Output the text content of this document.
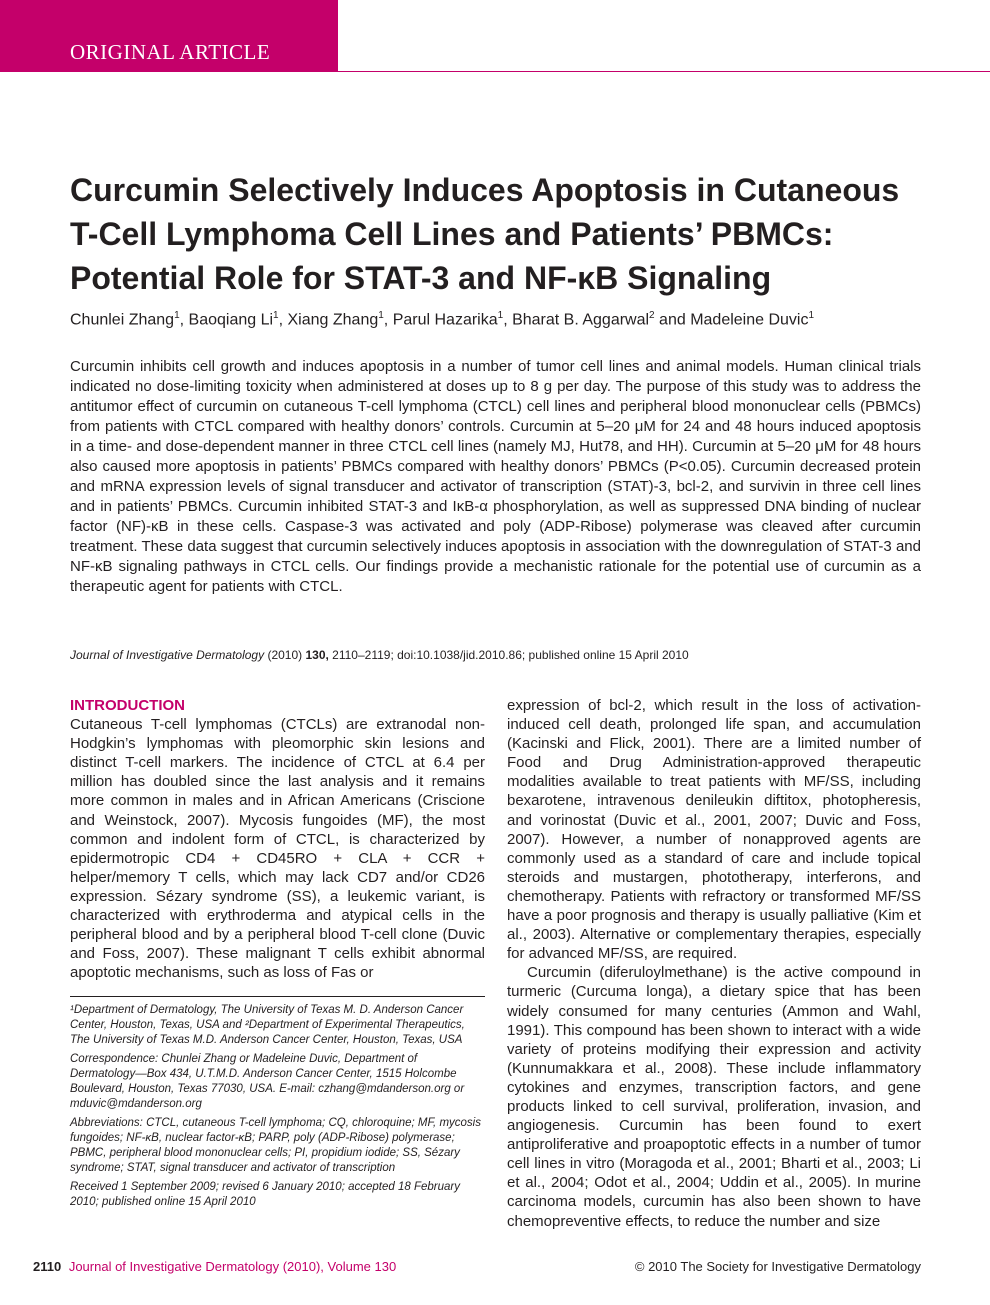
ORIGINAL ARTICLE
Curcumin Selectively Induces Apoptosis in Cutaneous
T-Cell Lymphoma Cell Lines and Patients’ PBMCs:
Potential Role for STAT-3 and NF-κB Signaling
Chunlei Zhang$^1$, Baoqiang Li$^1$, Xiang Zhang$^1$, Parul Hazarika$^1$, Bharat B. Aggarwal$^2$ and Madeleine Duvic$^1$

Curcumin inhibits cell growth and induces apoptosis in a number of tumor cell lines and animal models. Human clinical trials indicated no dose-limiting toxicity when administered at doses up to 8 g per day. The purpose of this study was to address the antitumor effect of curcumin on cutaneous T-cell lymphoma (CTCL) cell lines and peripheral blood mononuclear cells (PBMCs) from patients with CTCL compared with healthy donors’ controls. Curcumin at 5–20 μM for 24 and 48 hours induced apoptosis in a time- and dose-dependent manner in three CTCL cell lines (namely MJ, Hut78, and HH). Curcumin at 5–20 μM for 48 hours also caused more apoptosis in patients’ PBMCs compared with healthy donors’ PBMCs (P<0.05). Curcumin decreased protein and mRNA expression levels of signal transducer and activator of transcription (STAT)-3, bcl-2, and survivin in three cell lines and in patients’ PBMCs. Curcumin inhibited STAT-3 and IκB-α phosphorylation, as well as suppressed DNA binding of nuclear factor (NF)-κB in these cells. Caspase-3 was activated and poly (ADP-Ribose) polymerase was cleaved after curcumin treatment. These data suggest that curcumin selectively induces apoptosis in association with the downregulation of STAT-3 and NF-κB signaling pathways in CTCL cells. Our findings provide a mechanistic rationale for the potential use of curcumin as a therapeutic agent for patients with CTCL.

Journal of Investigative Dermatology (2010) 130, 2110–2119; doi:10.1038/jid.2010.86; published online 15 April 2010
INTRODUCTION

Cutaneous T-cell lymphomas (CTCLs) are extranodal non-Hodgkin’s lymphomas with pleomorphic skin lesions and distinct T-cell markers. The incidence of CTCL at 6.4 per million has doubled since the last analysis and it remains more common in males and in African Americans (Criscione and Weinstock, 2007). Mycosis fungoides (MF), the most common and indolent form of CTCL, is characterized by epidermotropic CD4 + CD45RO + CLA + CCR + helper/memory T cells, which may lack CD7 and/or CD26 expression. Sézary syndrome (SS), a leukemic variant, is characterized with erythroderma and atypical cells in the peripheral blood and by a peripheral blood T-cell clone (Duvic and Foss, 2007). These malignant T cells exhibit abnormal apoptotic mechanisms, such as loss of Fas or

¹Department of Dermatology, The University of Texas M. D. Anderson Cancer Center, Houston, Texas, USA and ²Department of Experimental Therapeutics, The University of Texas M.D. Anderson Cancer Center, Houston, Texas, USA

Correspondence: Chunlei Zhang or Madeleine Duvic, Department of Dermatology—Box 434, U.T.M.D. Anderson Cancer Center, 1515 Holcombe Boulevard, Houston, Texas 77030, USA. E-mail: czhang@mdanderson.org or mduvic@mdanderson.org

Abbreviations: CTCL, cutaneous T-cell lymphoma; CQ, chloroquine; MF, mycosis fungoides; NF-κB, nuclear factor-κB; PARP, poly (ADP-Ribose) polymerase; PBMC, peripheral blood mononuclear cells; PI, propidium iodide; SS, Sézary syndrome; STAT, signal transducer and activator of transcription

Received 1 September 2009; revised 6 January 2010; accepted 18 February 2010; published online 15 April 2010

expression of bcl-2, which result in the loss of activation-induced cell death, prolonged life span, and accumulation (Kacinski and Flick, 2001). There are a limited number of Food and Drug Administration-approved therapeutic modalities available to treat patients with MF/SS, including bexarotene, intravenous denileukin diftitox, photopheresis, and vorinostat (Duvic et al., 2001, 2007; Duvic and Foss, 2007). However, a number of nonapproved agents are commonly used as a standard of care and include topical steroids and mustargen, phototherapy, interferons, and chemotherapy. Patients with refractory or transformed MF/SS have a poor prognosis and therapy is usually palliative (Kim et al., 2003). Alternative or complementary therapies, especially for advanced MF/SS, are required.

Curcumin (diferuloylmethane) is the active compound in turmeric (Curcuma longa), a dietary spice that has been widely consumed for many centuries (Ammon and Wahl, 1991). This compound has been shown to interact with a wide variety of proteins modifying their expression and activity (Kunnumakkara et al., 2008). These include inflammatory cytokines and enzymes, transcription factors, and gene products linked to cell survival, proliferation, invasion, and angiogenesis. Curcumin has been found to exert antiproliferative and proapoptotic effects in a number of tumor cell lines in vitro (Moragoda et al., 2001; Bharti et al., 2003; Li et al., 2004; Odot et al., 2004; Uddin et al., 2005). In murine carcinoma models, curcumin has also been shown to have chemopreventive effects, to reduce the number and size

2110 Journal of Investigative Dermatology (2010), Volume 130	© 2010 The Society for Investigative Dermatology
